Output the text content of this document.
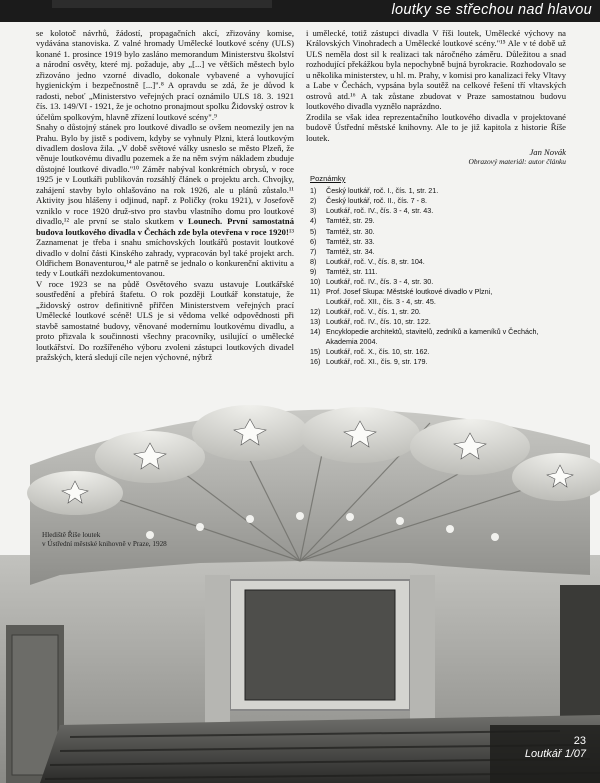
loutky se střechou nad hlavou

se kolotoč návrhů, žádostí, propagačních akcí, zřizovány komise, vydávána stanoviska. Z valné hromady Umělecké loutkové scény (ULS) konané 1. prosince 1919 bylo zasláno memorandum Ministerstvu školství a národní osvěty, které mj. požaduje, aby „[...] ve větších městech bylo zřizováno jedno vzorné divadlo, dokonale vybavené a vyhovující hygienickým i bezpečnostně [...]".⁸ A opravdu se zdá, že je důvod k radosti, neboť „Ministerstvo veřejných prací oznámilo ULS 18. 3. 1921 čís. 13. 149/VI - 1921, že je ochotno pronajmout spolku Židovský ostrov k účelům spolkovým, hlavně zřízení loutkové scény".⁹

Snahy o důstojný stánek pro loutkové divadlo se ovšem neomezily jen na Prahu. Bylo by jistě s podivem, kdyby se vyhnuly Plzni, která loutkovým divadlem doslova žila. „V době světové války usneslo se město Plzeň, že věnuje loutkovému divadlu pozemek a že na něm svým nákladem zbuduje důstojné loutkové divadlo."¹⁰ Záměr nabýval konkrétních obrysů, v roce 1925 je v Loutkáři publikován rozsáhlý článek o projektu arch. Chvojky, zahájení stavby bylo ohlašováno na rok 1926, ale u plánů zůstalo.¹¹ Aktivity jsou hlášeny i odjinud, např. z Poličky (roku 1921), v Josefově vzniklo v roce 1920 druž-stvo pro stavbu vlastního domu pro loutkové divadlo,¹² ale první se stalo skutkem v Lounech. První samostatná budova loutkového divadla v Čechách zde byla otevřena v roce 1920!¹³ Zaznamenat je třeba i snahu smíchovských loutkářů postavit loutkové divadlo v dolní části Kinského zahrady, vypracován byl také projekt arch. Oldřichem Bonaventurou,¹⁴ ale patrně se jednalo o konkurenční aktivitu a tedy v Loutkáři nezdokumentovanou.

V roce 1923 se na půdě Osvětového svazu ustavuje Loutkářské soustředění a přebírá štafetu. O rok později Loutkář konstatuje, že „židovský ostrov definitivně přiřčen Ministerstvem veřejných prací Umělecké loutkové scéně! ULS je si vědoma velké odpovědnosti při stavbě samostatné budovy, věnované modernímu loutkovému divadlu, a proto přizvala k součinnosti všechny pracovníky, usilující o umělecké loutkářství. Do rozšířeného výboru zvoleni zástupci loutkových divadel pražských, která sledují cíle nejen výchovné, nýbrž

i umělecké, totiž zástupci divadla V říši loutek, Umělecké výchovy na Královských Vinohradech a Umělecké loutkové scény."¹⁵ Ale v té době už ULS neměla dost sil k realizaci tak náročného záměru. Důležitou a snad rozhodující překážkou byla nepochybně bujná byrokracie. Rozhodovalo se u několika ministerstev, u hl. m. Prahy, v komisi pro kanalizaci řeky Vltavy a Labe v Čechách, vypsána byla soutěž na celkové řešení tří vltavských ostrovů atd.¹⁶ A tak zůstane zbudovat v Praze samostatnou budovu loutkového divadla vyznělo naprázdno.

Zrodila se však idea reprezentačního loutkového divadla v projektované budově Ústřední městské knihovny. Ale to je již kapitola z historie Říše loutek.

Jan Novák

Obrazový materiál: autor článku

Poznámky

1) Český loutkář, roč. I., čís. 1, str. 21.
2) Český loutkář, roč. II., čís. 7 - 8.
3) Loutkář, roč. IV., čís. 3 - 4, str. 43.
4) Tamtéž, str. 29.
5) Tamtéž, str. 30.
6) Tamtéž, str. 33.
7) Tamtéž, str. 34.
8) Loutkář, roč. V., čís. 8, str. 104.
9) Tamtéž, str. 111.
10) Loutkář, roč. IV., čís. 3 - 4, str. 30.
11) Prof. Josef Skupa: Městské loutkové divadlo v Plzni,
Loutkář, roč. XII., čís. 3 - 4, str. 45.
12) Loutkář, roč. V., čís. 1, str. 20.
13) Loutkář, roč. IV., čís. 10, str. 122.
14) Encyklopedie architektů, stavitelů, zedníků a kameníků v Čechách,
Akademia 2004.
15) Loutkář, roč. X., čís. 10, str. 162.
16) Loutkář, roč. XI., čís. 9, str. 179.
Hlediště Říše loutek
v Ústřední městské knihovně v Praze, 1928
23
Loutkář 1/07
